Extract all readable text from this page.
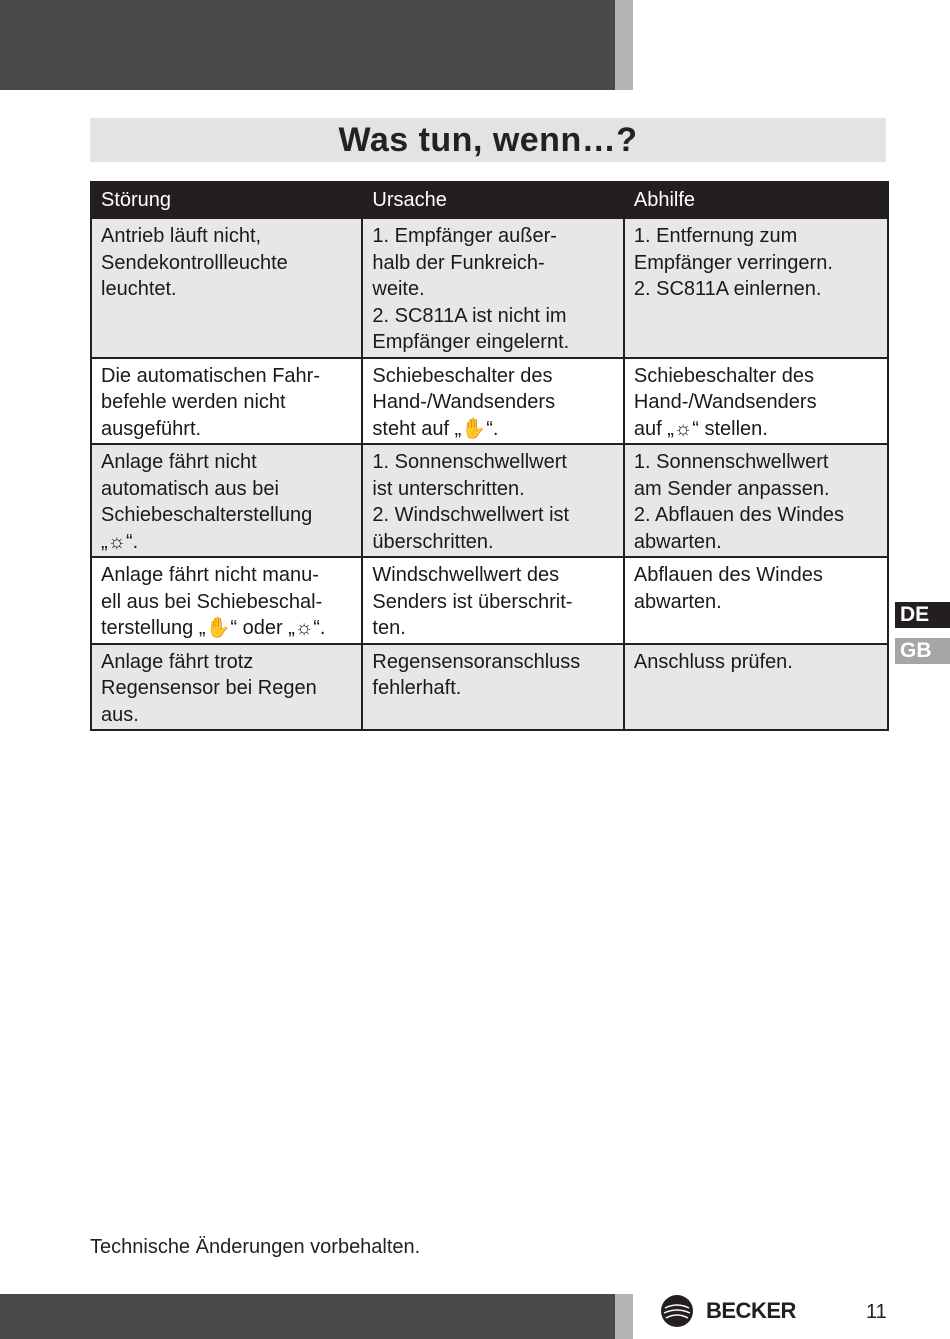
Was tun, wenn…?
Störung	Ursache	Abhilfe

Antrieb läuft nicht,
Sendekontrollleuchte
leuchtet.	1. Empfänger außer-
halb der Funkreich-
weite.
2. SC811A ist nicht im
Empfänger eingelernt.	1. Entfernung zum
Empfänger verringern.
2. SC811A einlernen.

Die automatischen Fahr-
befehle werden nicht
ausgeführt.	Schiebeschalter des
Hand-/Wandsenders
steht auf „✋“.	Schiebeschalter des
Hand-/Wandsenders
auf „☼“ stellen.

Anlage fährt nicht
automatisch aus bei
Schiebeschalterstellung
„☼“.	1. Sonnenschwellwert
ist unterschritten.
2. Windschwellwert ist
überschritten.	1. Sonnenschwellwert
am Sender anpassen.
2. Abflauen des Windes
abwarten.

Anlage fährt nicht manu-
ell aus bei Schiebeschal-
terstellung „✋“ oder „☼“.	Windschwellwert des
Senders ist überschrit-
ten.	Abflauen des Windes
abwarten.

Anlage fährt trotz
Regensensor bei Regen
aus.	Regensensoranschluss
fehlerhaft.	Anschluss prüfen.
DE
GB
Technische Änderungen vorbehalten.
BECKER	11
